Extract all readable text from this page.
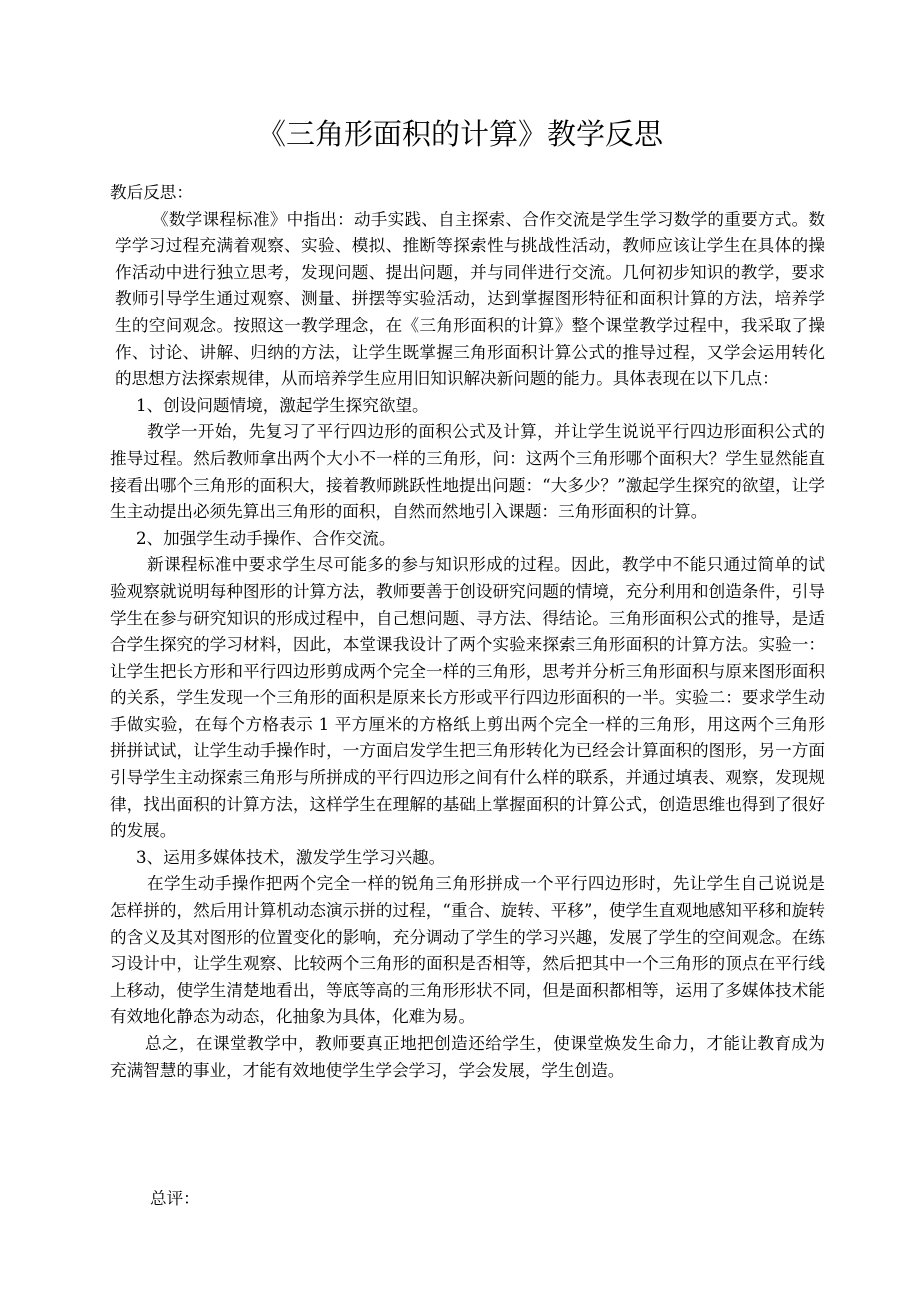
《三角形面积的计算》教学反思

教后反思：

《数学课程标准》中指出：动手实践、自主探索、合作交流是学生学习数学的重要方式。数学学习过程充满着观察、实验、模拟、推断等探索性与挑战性活动，教师应该让学生在具体的操作活动中进行独立思考，发现问题、提出问题，并与同伴进行交流。几何初步知识的教学，要求教师引导学生通过观察、测量、拼摆等实验活动，达到掌握图形特征和面积计算的方法，培养学生的空间观念。按照这一教学理念，在《三角形面积的计算》整个课堂教学过程中，我采取了操作、讨论、讲解、归纳的方法，让学生既掌握三角形面积计算公式的推导过程，又学会运用转化的思想方法探索规律，从而培养学生应用旧知识解决新问题的能力。具体表现在以下几点：

1、创设问题情境，激起学生探究欲望。

教学一开始，先复习了平行四边形的面积公式及计算，并让学生说说平行四边形面积公式的推导过程。然后教师拿出两个大小不一样的三角形，问：这两个三角形哪个面积大？学生显然能直接看出哪个三角形的面积大，接着教师跳跃性地提出问题：“大多少？”激起学生探究的欲望，让学生主动提出必须先算出三角形的面积，自然而然地引入课题：三角形面积的计算。

2、加强学生动手操作、合作交流。

新课程标准中要求学生尽可能多的参与知识形成的过程。因此，教学中不能只通过简单的试验观察就说明每种图形的计算方法，教师要善于创设研究问题的情境，充分利用和创造条件，引导学生在参与研究知识的形成过程中，自己想问题、寻方法、得结论。三角形面积公式的推导，是适合学生探究的学习材料，因此，本堂课我设计了两个实验来探索三角形面积的计算方法。实验一：让学生把长方形和平行四边形剪成两个完全一样的三角形，思考并分析三角形面积与原来图形面积的关系，学生发现一个三角形的面积是原来长方形或平行四边形面积的一半。实验二：要求学生动手做实验，在每个方格表示 1 平方厘米的方格纸上剪出两个完全一样的三角形，用这两个三角形拼拼试试，让学生动手操作时，一方面启发学生把三角形转化为已经会计算面积的图形，另一方面引导学生主动探索三角形与所拼成的平行四边形之间有什么样的联系，并通过填表、观察，发现规律，找出面积的计算方法，这样学生在理解的基础上掌握面积的计算公式，创造思维也得到了很好的发展。

3、运用多媒体技术，激发学生学习兴趣。

在学生动手操作把两个完全一样的锐角三角形拼成一个平行四边形时，先让学生自己说说是怎样拼的，然后用计算机动态演示拼的过程，“重合、旋转、平移”，使学生直观地感知平移和旋转的含义及其对图形的位置变化的影响，充分调动了学生的学习兴趣，发展了学生的空间观念。在练习设计中，让学生观察、比较两个三角形的面积是否相等，然后把其中一个三角形的顶点在平行线上移动，使学生清楚地看出，等底等高的三角形形状不同，但是面积都相等，运用了多媒体技术能有效地化静态为动态，化抽象为具体，化难为易。

总之，在课堂教学中，教师要真正地把创造还给学生，使课堂焕发生命力，才能让教育成为充满智慧的事业，才能有效地使学生学会学习，学会发展，学生创造。

总评：
